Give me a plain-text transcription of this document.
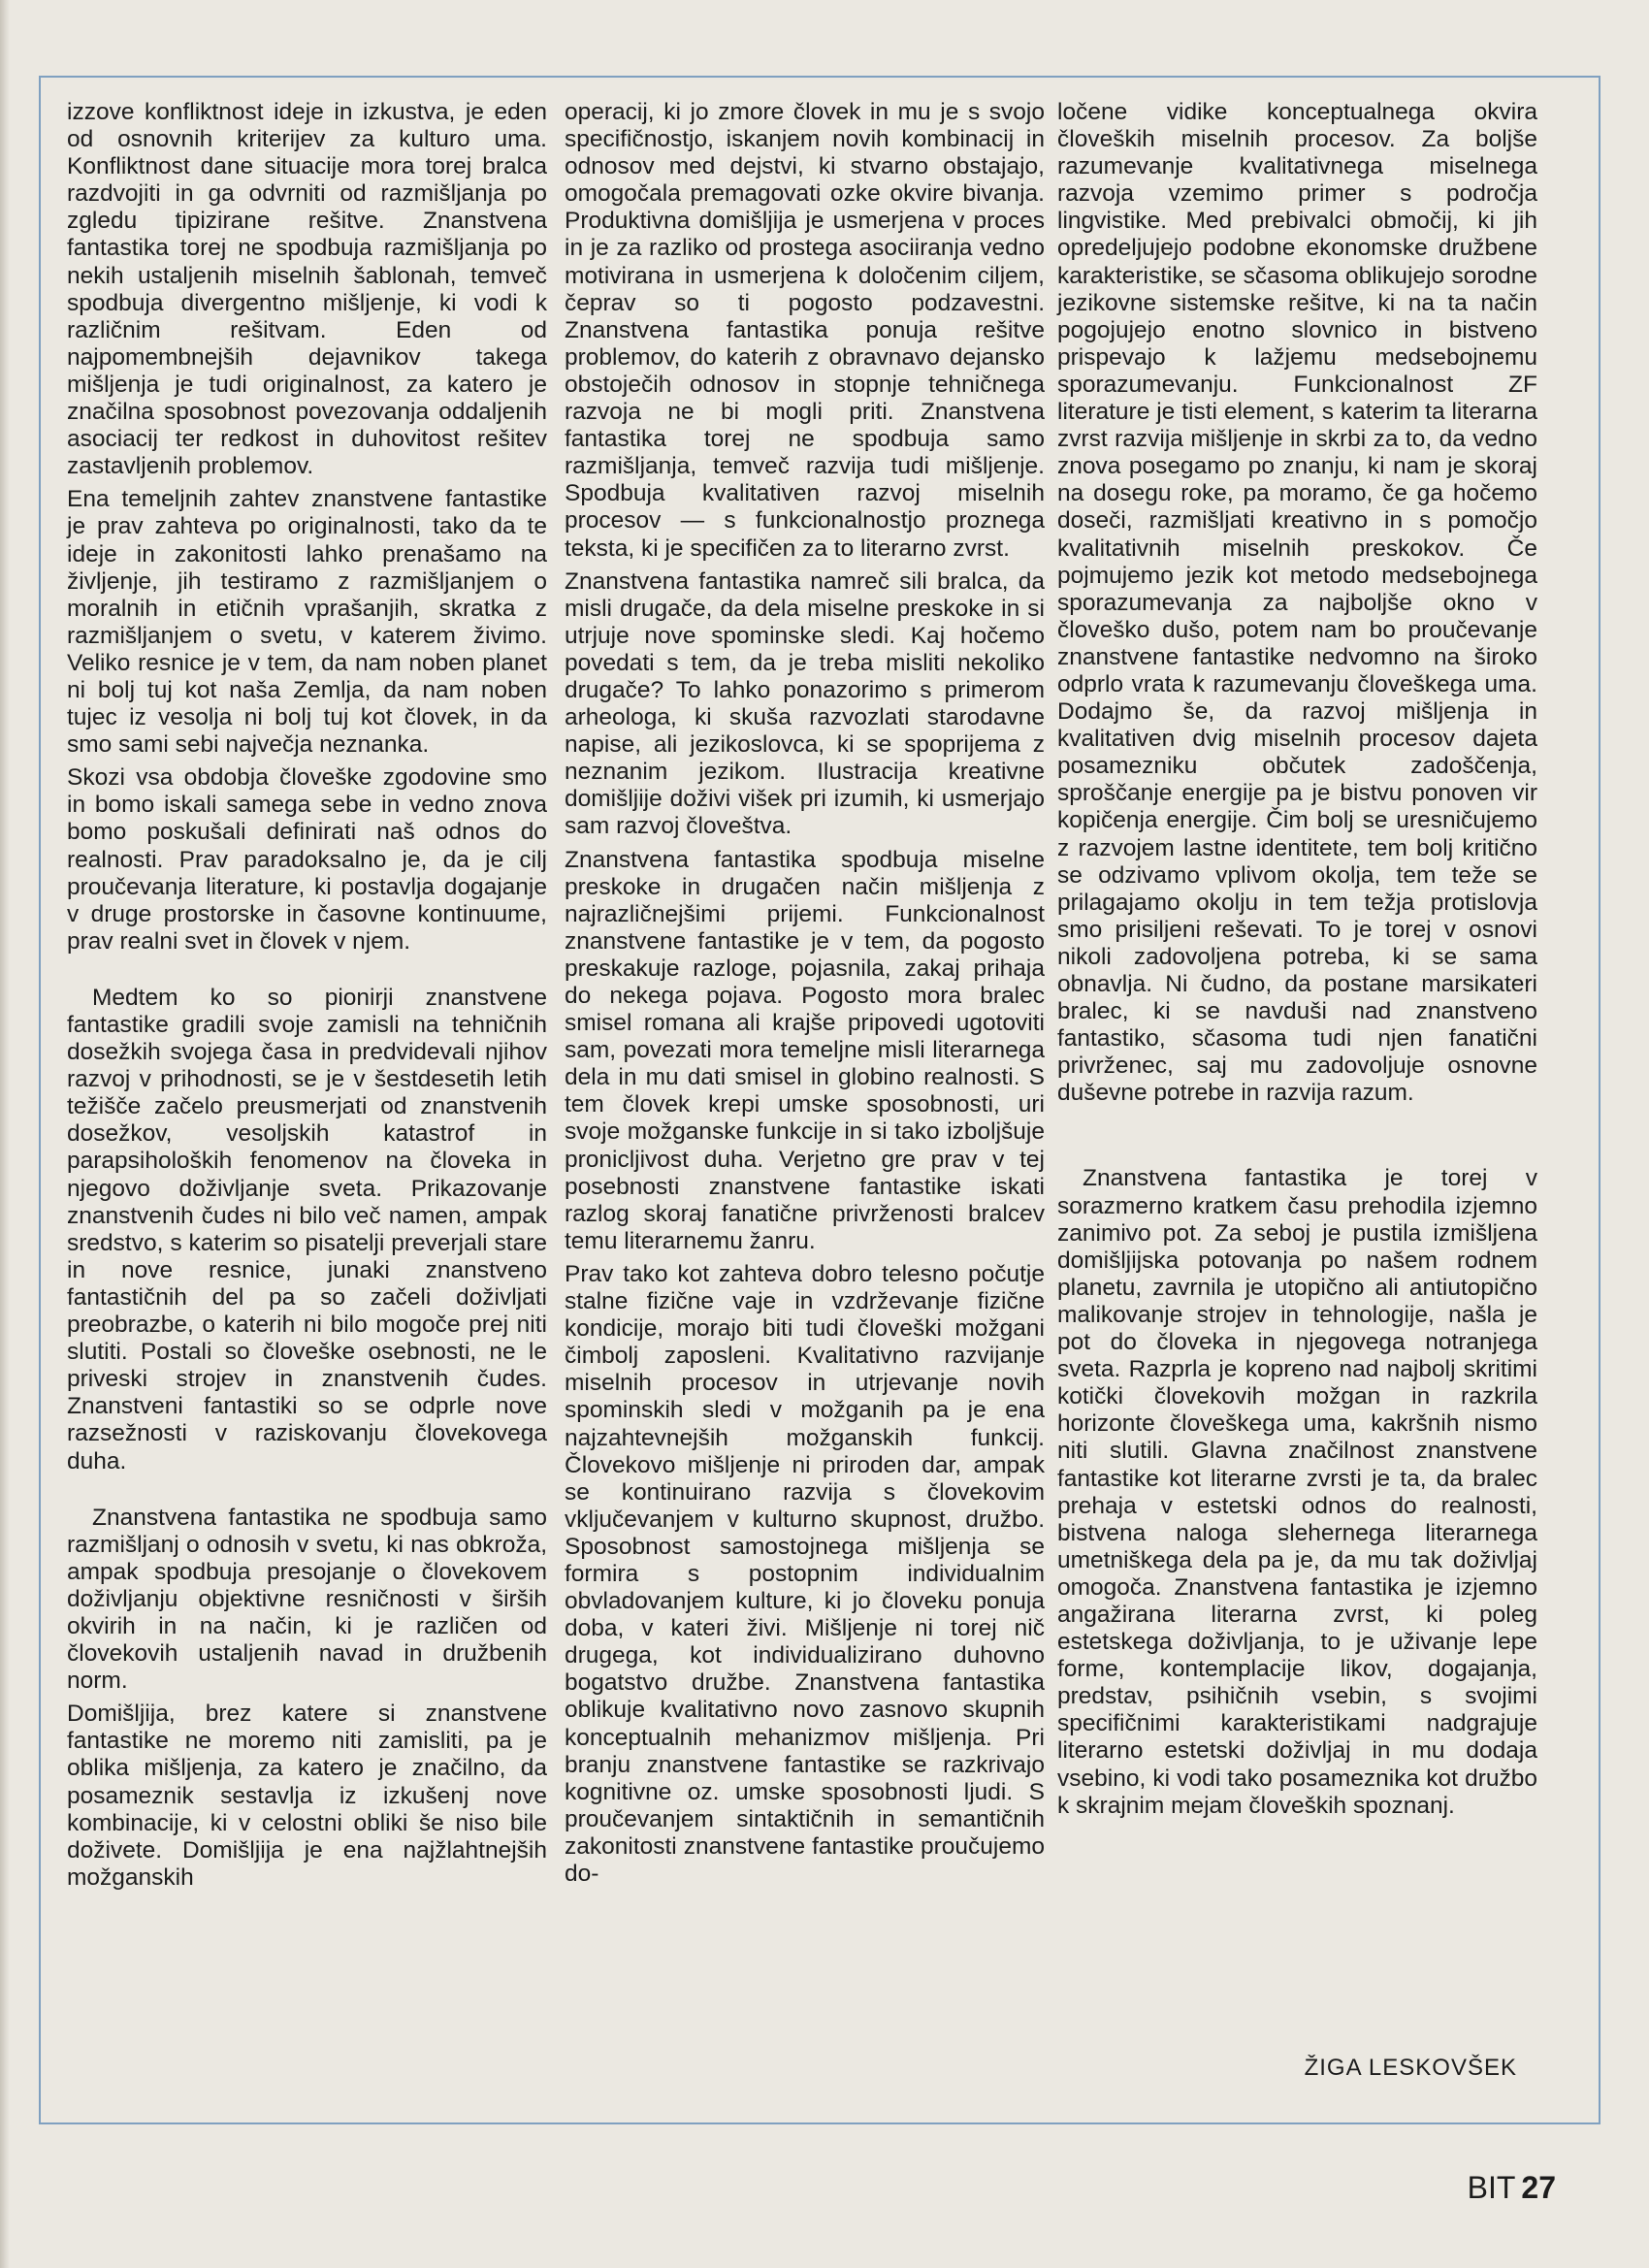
izzove konfliktnost ideje in izkustva, je eden od osnovnih kriterijev za kulturo uma. Konfliktnost dane situacije mora torej bralca razdvojiti in ga odvrniti od razmišljanja po zgledu tipizirane rešitve. Znanstvena fantastika torej ne spodbuja razmišljanja po nekih ustaljenih miselnih šablonah, temveč spodbuja divergentno mišljenje, ki vodi k različnim rešitvam. Eden od najpomembnejših dejavnikov takega mišljenja je tudi originalnost, za katero je značilna sposobnost povezovanja oddaljenih asociacij ter redkost in duhovitost rešitev zastavljenih problemov.

Ena temeljnih zahtev znanstvene fantastike je prav zahteva po originalnosti, tako da te ideje in zakonitosti lahko prenašamo na življenje, jih testiramo z razmišljanjem o moralnih in etičnih vprašanjih, skratka z razmišljanjem o svetu, v katerem živimo. Veliko resnice je v tem, da nam noben planet ni bolj tuj kot naša Zemlja, da nam noben tujec iz vesolja ni bolj tuj kot človek, in da smo sami sebi največja neznanka.

Skozi vsa obdobja človeške zgodovine smo in bomo iskali samega sebe in vedno znova bomo poskušali definirati naš odnos do realnosti. Prav paradoksalno je, da je cilj proučevanja literature, ki postavlja dogajanje v druge prostorske in časovne kontinuume, prav realni svet in človek v njem.

Medtem ko so pionirji znanstvene fantastike gradili svoje zamisli na tehničnih dosežkih svojega časa in predvidevali njihov razvoj v prihodnosti, se je v šestdesetih letih težišče začelo preusmerjati od znanstvenih dosežkov, vesoljskih katastrof in parapsiholoških fenomenov na človeka in njegovo doživljanje sveta. Prikazovanje znanstvenih čudes ni bilo več namen, ampak sredstvo, s katerim so pisatelji preverjali stare in nove resnice, junaki znanstveno fantastičnih del pa so začeli doživljati preobrazbe, o katerih ni bilo mogoče prej niti slutiti. Postali so človeške osebnosti, ne le priveski strojev in znanstvenih čudes. Znanstveni fantastiki so se odprle nove razsežnosti v raziskovanju človekovega duha.

Znanstvena fantastika ne spodbuja samo razmišljanj o odnosih v svetu, ki nas obkroža, ampak spodbuja presojanje o človekovem doživljanju objektivne resničnosti v širših okvirih in na način, ki je različen od človekovih ustaljenih navad in družbenih norm.

Domišljija, brez katere si znanstvene fantastike ne moremo niti zamisliti, pa je oblika mišljenja, za katero je značilno, da posameznik sestavlja iz izkušenj nove kombinacije, ki v celostni obliki še niso bile doživete. Domišljija je ena najžlahtnejših možganskih

operacij, ki jo zmore človek in mu je s svojo specifičnostjo, iskanjem novih kombinacij in odnosov med dejstvi, ki stvarno obstajajo, omogočala premagovati ozke okvire bivanja. Produktivna domišljija je usmerjena v proces in je za razliko od prostega asociiranja vedno motivirana in usmerjena k določenim ciljem, čeprav so ti pogosto podzavestni. Znanstvena fantastika ponuja rešitve problemov, do katerih z obravnavo dejansko obstoječih odnosov in stopnje tehničnega razvoja ne bi mogli priti. Znanstvena fantastika torej ne spodbuja samo razmišljanja, temveč razvija tudi mišljenje. Spodbuja kvalitativen razvoj miselnih procesov — s funkcionalnostjo proznega teksta, ki je specifičen za to literarno zvrst.

Znanstvena fantastika namreč sili bralca, da misli drugače, da dela miselne preskoke in si utrjuje nove spominske sledi. Kaj hočemo povedati s tem, da je treba misliti nekoliko drugače? To lahko ponazorimo s primerom arheologa, ki skuša razvozlati starodavne napise, ali jezikoslovca, ki se spoprijema z neznanim jezikom. Ilustracija kreativne domišljije doživi višek pri izumih, ki usmerjajo sam razvoj človeštva.

Znanstvena fantastika spodbuja miselne preskoke in drugačen način mišljenja z najrazličnejšimi prijemi. Funkcionalnost znanstvene fantastike je v tem, da pogosto preskakuje razloge, pojasnila, zakaj prihaja do nekega pojava. Pogosto mora bralec smisel romana ali krajše pripovedi ugotoviti sam, povezati mora temeljne misli literarnega dela in mu dati smisel in globino realnosti. S tem človek krepi umske sposobnosti, uri svoje možganske funkcije in si tako izboljšuje pronicljivost duha. Verjetno gre prav v tej posebnosti znanstvene fantastike iskati razlog skoraj fanatične privrženosti bralcev temu literarnemu žanru.

Prav tako kot zahteva dobro telesno počutje stalne fizične vaje in vzdrževanje fizične kondicije, morajo biti tudi človeški možgani čimbolj zaposleni. Kvalitativno razvijanje miselnih procesov in utrjevanje novih spominskih sledi v možganih pa je ena najzahtevnejših možganskih funkcij. Človekovo mišljenje ni priroden dar, ampak se kontinuirano razvija s človekovim vključevanjem v kulturno skupnost, družbo. Sposobnost samostojnega mišljenja se formira s postopnim individualnim obvladovanjem kulture, ki jo človeku ponuja doba, v kateri živi. Mišljenje ni torej nič drugega, kot individualizirano duhovno bogatstvo družbe. Znanstvena fantastika oblikuje kvalitativno novo zasnovo skupnih konceptualnih mehanizmov mišljenja. Pri branju znanstvene fantastike se razkrivajo kognitivne oz. umske sposobnosti ljudi. S proučevanjem sintaktičnih in semantičnih zakonitosti znanstvene fantastike proučujemo do-

ločene vidike konceptualnega okvira človeških miselnih procesov. Za boljše razumevanje kvalitativnega miselnega razvoja vzemimo primer s področja lingvistike. Med prebivalci območij, ki jih opredeljujejo podobne ekonomske družbene karakteristike, se sčasoma oblikujejo sorodne jezikovne sistemske rešitve, ki na ta način pogojujejo enotno slovnico in bistveno prispevajo k lažjemu medsebojnemu sporazumevanju. Funkcionalnost ZF literature je tisti element, s katerim ta literarna zvrst razvija mišljenje in skrbi za to, da vedno znova posegamo po znanju, ki nam je skoraj na dosegu roke, pa moramo, če ga hočemo doseči, razmišljati kreativno in s pomočjo kvalitativnih miselnih preskokov. Če pojmujemo jezik kot metodo medsebojnega sporazumevanja za najboljše okno v človeško dušo, potem nam bo proučevanje znanstvene fantastike nedvomno na široko odprlo vrata k razumevanju človeškega uma. Dodajmo še, da razvoj mišljenja in kvalitativen dvig miselnih procesov dajeta posamezniku občutek zadoščenja, sproščanje energije pa je bistvu ponoven vir kopičenja energije. Čim bolj se uresničujemo z razvojem lastne identitete, tem bolj kritično se odzivamo vplivom okolja, tem teže se prilagajamo okolju in tem težja protislovja smo prisiljeni reševati. To je torej v osnovi nikoli zadovoljena potreba, ki se sama obnavlja. Ni čudno, da postane marsikateri bralec, ki se navduši nad znanstveno fantastiko, sčasoma tudi njen fanatični privrženec, saj mu zadovoljuje osnovne duševne potrebe in razvija razum.

Znanstvena fantastika je torej v sorazmerno kratkem času prehodila izjemno zanimivo pot. Za seboj je pustila izmišljena domišljijska potovanja po našem rodnem planetu, zavrnila je utopično ali antiutopično malikovanje strojev in tehnologije, našla je pot do človeka in njegovega notranjega sveta. Razprla je kopreno nad najbolj skritimi kotički človekovih možgan in razkrila horizonte človeškega uma, kakršnih nismo niti slutili. Glavna značilnost znanstvene fantastike kot literarne zvrsti je ta, da bralec prehaja v estetski odnos do realnosti, bistvena naloga slehernega literarnega umetniškega dela pa je, da mu tak doživljaj omogoča. Znanstvena fantastika je izjemno angažirana literarna zvrst, ki poleg estetskega doživljanja, to je uživanje lepe forme, kontemplacije likov, dogajanja, predstav, psihičnih vsebin, s svojimi specifičnimi karakteristikami nadgrajuje literarno estetski doživljaj in mu dodaja vsebino, ki vodi tako posameznika kot družbo k skrajnim mejam človeških spoznanj.

ŽIGA LESKOVŠEK
BIT 27
